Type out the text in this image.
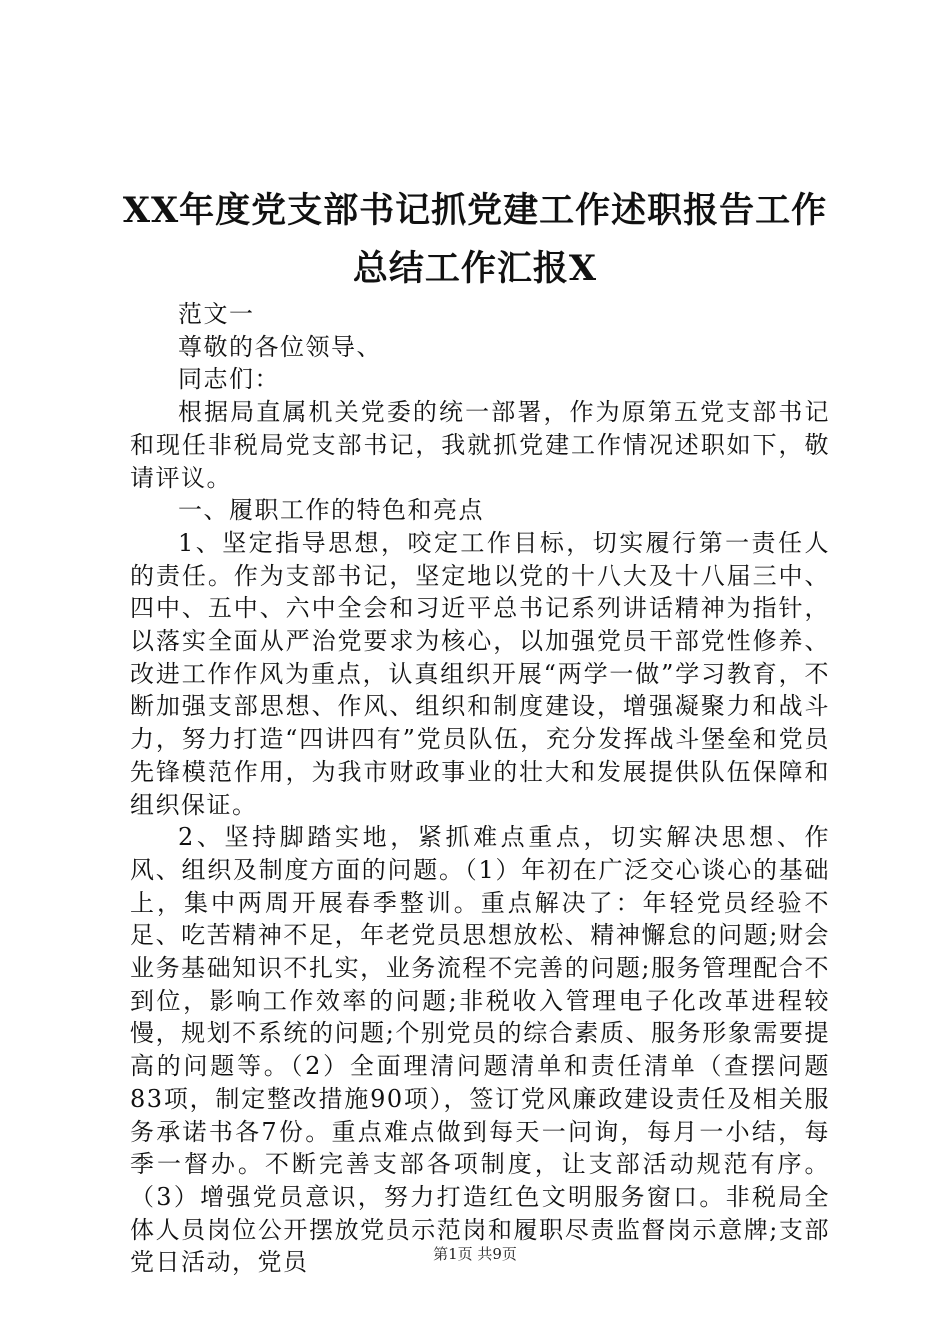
XX年度党支部书记抓党建工作述职报告工作
总结工作汇报X

范文一

尊敬的各位领导、

同志们：

根据局直属机关党委的统一部署，作为原第五党支部书记和现任非税局党支部书记，我就抓党建工作情况述职如下，敬请评议。

一、履职工作的特色和亮点

1、坚定指导思想，咬定工作目标，切实履行第一责任人的责任。作为支部书记，坚定地以党的十八大及十八届三中、四中、五中、六中全会和习近平总书记系列讲话精神为指针，以落实全面从严治党要求为核心，以加强党员干部党性修养、改进工作作风为重点，认真组织开展“两学一做”学习教育，不断加强支部思想、作风、组织和制度建设，增强凝聚力和战斗力，努力打造“四讲四有”党员队伍，充分发挥战斗堡垒和党员先锋模范作用，为我市财政事业的壮大和发展提供队伍保障和组织保证。

2、坚持脚踏实地，紧抓难点重点，切实解决思想、作风、组织及制度方面的问题。（1）年初在广泛交心谈心的基础上，集中两周开展春季整训。重点解决了：年轻党员经验不足、吃苦精神不足，年老党员思想放松、精神懈怠的问题;财会业务基础知识不扎实，业务流程不完善的问题;服务管理配合不到位，影响工作效率的问题;非税收入管理电子化改革进程较慢，规划不系统的问题;个别党员的综合素质、服务形象需要提高的问题等。（2）全面理清问题清单和责任清单（查摆问题83项，制定整改措施90项），签订党风廉政建设责任及相关服务承诺书各7份。重点难点做到每天一问询，每月一小结，每季一督办。不断完善支部各项制度，让支部活动规范有序。（3）增强党员意识，努力打造红色文明服务窗口。非税局全体人员岗位公开摆放党员示范岗和履职尽责监督岗示意牌;支部党日活动，党员	第1页 共9页
